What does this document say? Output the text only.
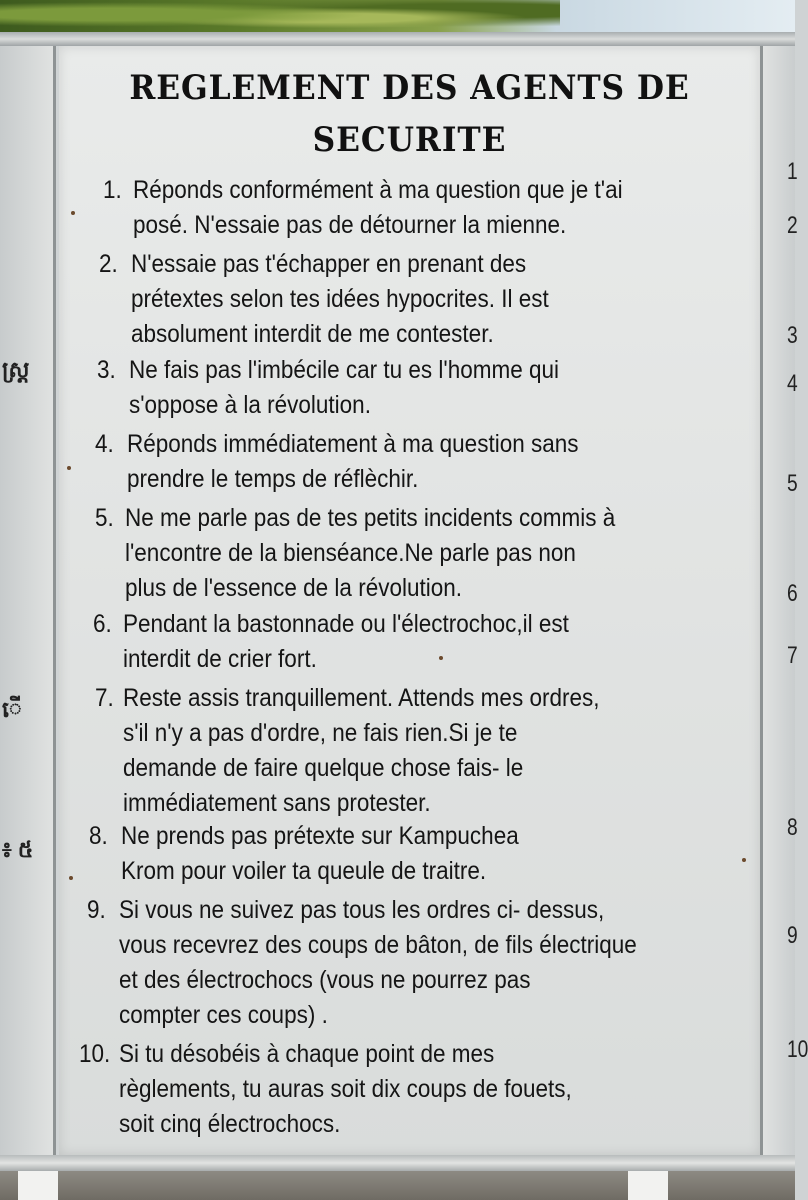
ស្ត្រ
ើ
៖ ៥
1
2
3
4
5
6
7
8
9
10
REGLEMENT DES AGENTS DE
SECURITE
1. Réponds conformément à ma question que je t'ai
posé. N'essaie pas de détourner la mienne.
2. N'essaie pas t'échapper en prenant des
prétextes selon tes idées hypocrites. Il est
absolument interdit de me contester.
3. Ne fais pas l'imbécile car tu es l'homme qui
s'oppose à la révolution.
4. Réponds immédiatement à ma question sans
prendre le temps de réflèchir.
5. Ne me parle pas de tes petits incidents commis à
l'encontre de la bienséance.Ne parle pas non
plus de l'essence de la révolution.
6. Pendant la bastonnade ou l'électrochoc,il est
interdit de crier fort.
7. Reste assis tranquillement. Attends mes ordres,
s'il n'y a pas d'ordre, ne fais rien.Si je te
demande de faire quelque chose fais- le
immédiatement sans protester.
8. Ne prends pas prétexte sur Kampuchea
Krom pour voiler ta queule de traitre.
9. Si vous ne suivez pas tous les ordres ci- dessus,
vous recevrez des coups de bâton, de fils électrique
et des électrochocs (vous ne pourrez pas
compter ces coups) .
10. Si tu désobéis à chaque point de mes
règlements, tu auras soit dix coups de fouets,
soit cinq électrochocs.
